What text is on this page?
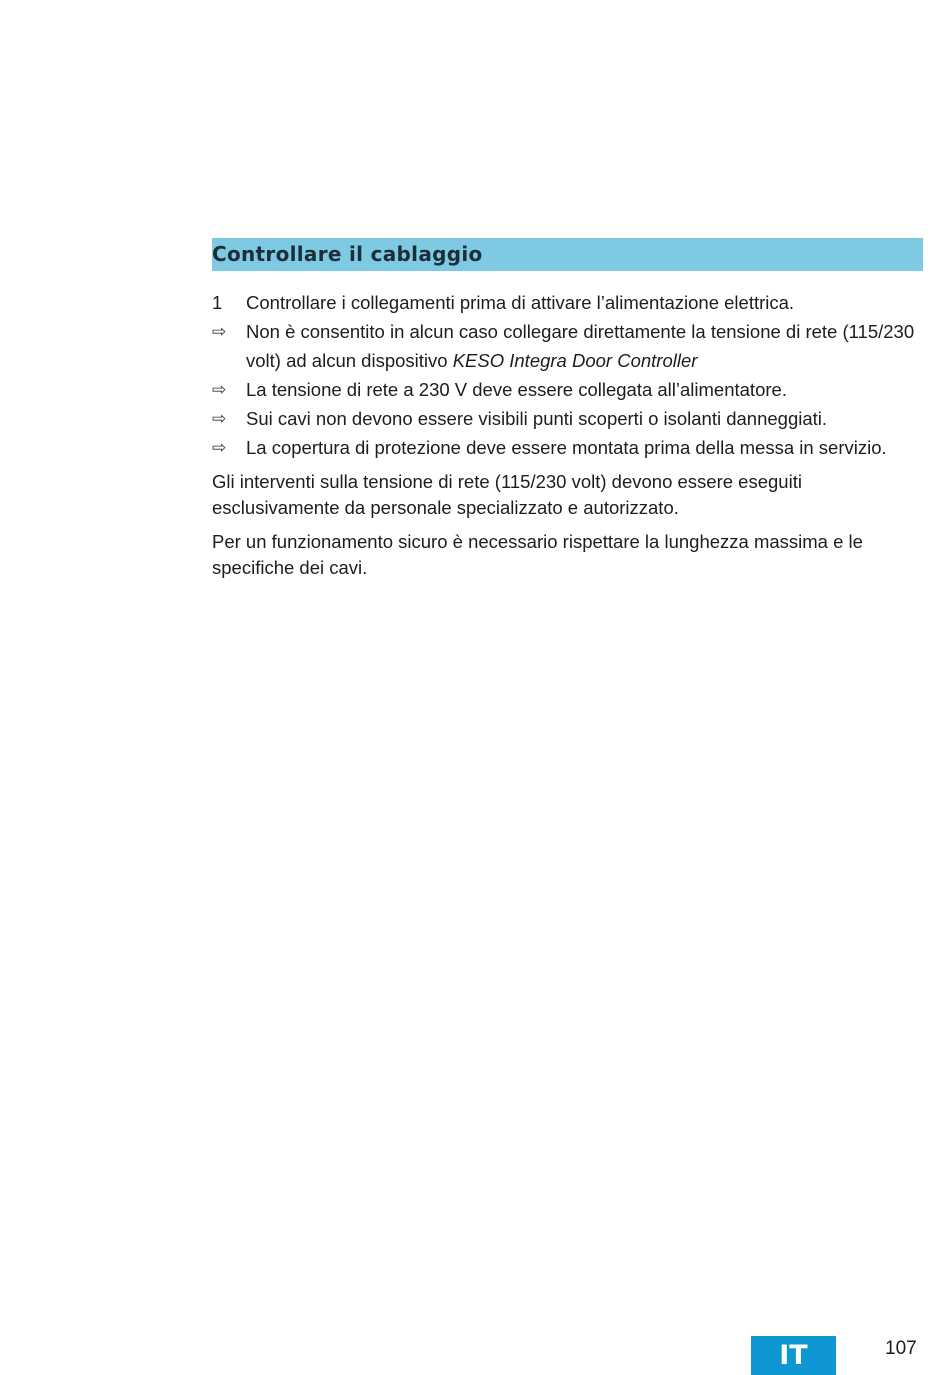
Controllare il cablaggio
1	Controllare i collegamenti prima di attivare l’alimentazione elettrica.
⇨	Non è consentito in alcun caso collegare direttamente la tensione di rete (115/230 volt) ad alcun dispositivo KESO Integra Door Controller
⇨	La tensione di rete a 230 V deve essere collegata all’alimentatore.
⇨	Sui cavi non devono essere visibili punti scoperti o isolanti danneggiati.
⇨	La copertura di protezione deve essere montata prima della messa in servizio.

Gli interventi sulla tensione di rete (115/230 volt) devono essere eseguiti esclusivamente da personale specializzato e autorizzato.

Per un funzionamento sicuro è necessario rispettare la lunghezza massima e le specifiche dei cavi.

IT	107
